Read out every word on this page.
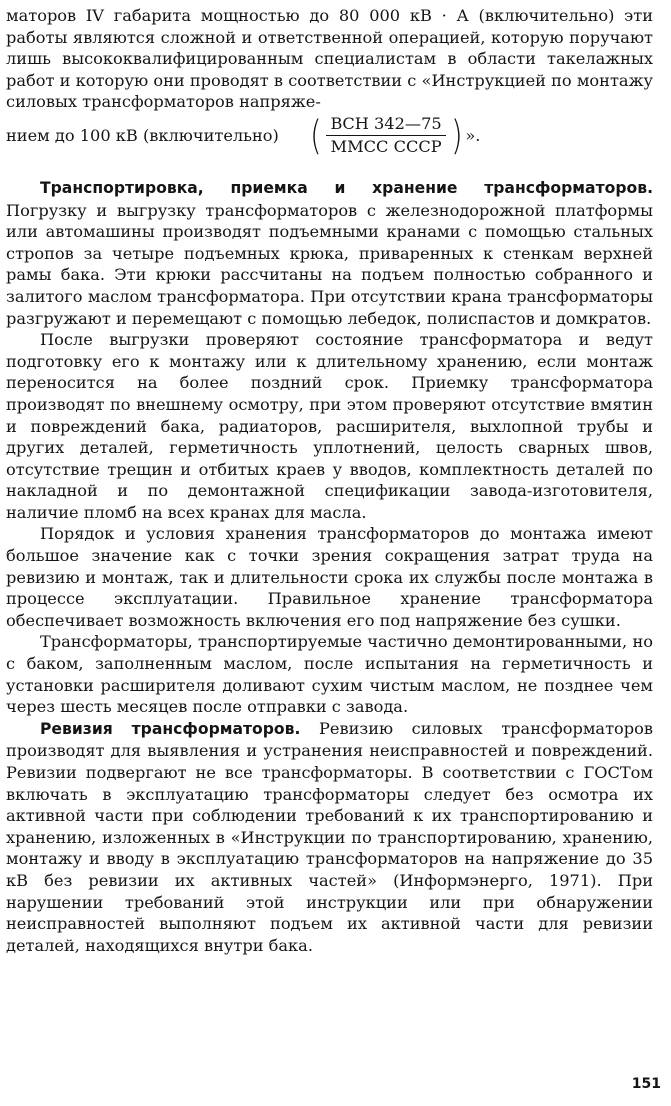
маторов IV габарита мощностью до 80 000 кВ · А (включительно) эти работы являются сложной и ответственной операцией, которую поручают лишь высококвалифицированным специалистам в области такелажных работ и которую они проводят в соответствии с «Инструкцией по монтажу силовых трансформаторов напряже-

нием до 100 кВ (включительно) ( $\frac{\text{ВСН 342—75}}{\text{ММСС СССР}}$ ) ».

Транспортировка, приемка и хранение трансформаторов. Погрузку и выгрузку трансформаторов с железнодорожной платформы или автомашины производят подъемными кранами с помощью стальных стропов за четыре подъемных крюка, приваренных к стенкам верхней рамы бака. Эти крюки рассчитаны на подъем полностью собранного и залитого маслом трансформатора. При отсутствии крана трансформаторы разгружают и перемещают с помощью лебедок, полиспастов и домкратов.

После выгрузки проверяют состояние трансформатора и ведут подготовку его к монтажу или к длительному хранению, если монтаж переносится на более поздний срок. Приемку трансформатора производят по внешнему осмотру, при этом проверяют отсутствие вмятин и повреждений бака, радиаторов, расширителя, выхлопной трубы и других деталей, герметичность уплотнений, целость сварных швов, отсутствие трещин и отбитых краев у вводов, комплектность деталей по накладной и по демонтажной спецификации завода-изготовителя, наличие пломб на всех кранах для масла.

Порядок и условия хранения трансформаторов до монтажа имеют большое значение как с точки зрения сокращения затрат труда на ревизию и монтаж, так и длительности срока их службы после монтажа в процессе эксплуатации. Правильное хранение трансформатора обеспечивает возможность включения его под напряжение без сушки.

Трансформаторы, транспортируемые частично демонтированными, но с баком, заполненным маслом, после испытания на герметичность и установки расширителя доливают сухим чистым маслом, не позднее чем через шесть месяцев после отправки с завода.

Ревизия трансформаторов. Ревизию силовых трансформаторов производят для выявления и устранения неисправностей и повреждений. Ревизии подвергают не все трансформаторы. В соответствии с ГОСТом включать в эксплуатацию трансформаторы следует без осмотра их активной части при соблюдении требований к их транспортированию и хранению, изложенных в «Инструкции по транспортированию, хранению, монтажу и вводу в эксплуатацию трансформаторов на напряжение до 35 кВ без ревизии их активных частей» (Информэнерго, 1971). При нарушении требований этой инструкции или при обнаружении неисправностей выполняют подъем их активной части для ревизии деталей, находящихся внутри бака.

151
